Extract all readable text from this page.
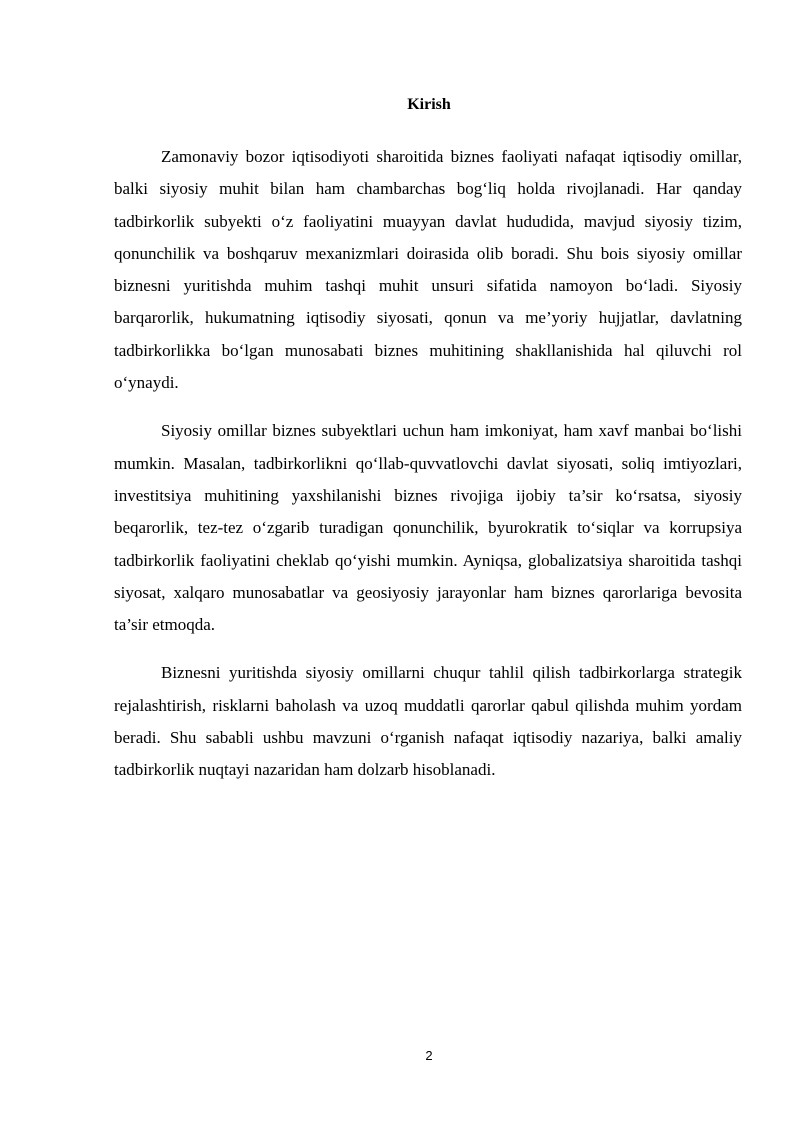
Kirish

Zamonaviy bozor iqtisodiyoti sharoitida biznes faoliyati nafaqat iqtisodiy omillar, balki siyosiy muhit bilan ham chambarchas bog‘liq holda rivojlanadi. Har qanday tadbirkorlik subyekti o‘z faoliyatini muayyan davlat hududida, mavjud siyosiy tizim, qonunchilik va boshqaruv mexanizmlari doirasida olib boradi. Shu bois siyosiy omillar biznesni yuritishda muhim tashqi muhit unsuri sifatida namoyon bo‘ladi. Siyosiy barqarorlik, hukumatning iqtisodiy siyosati, qonun va me’yoriy hujjatlar, davlatning tadbirkorlikka bo‘lgan munosabati biznes muhitining shakllanishida hal qiluvchi rol o‘ynaydi.

Siyosiy omillar biznes subyektlari uchun ham imkoniyat, ham xavf manbai bo‘lishi mumkin. Masalan, tadbirkorlikni qo‘llab-quvvatlovchi davlat siyosati, soliq imtiyozlari, investitsiya muhitining yaxshilanishi biznes rivojiga ijobiy ta’sir ko‘rsatsa, siyosiy beqarorlik, tez-tez o‘zgarib turadigan qonunchilik, byurokratik to‘siqlar va korrupsiya tadbirkorlik faoliyatini cheklab qo‘yishi mumkin. Ayniqsa, globalizatsiya sharoitida tashqi siyosat, xalqaro munosabatlar va geosiyosiy jarayonlar ham biznes qarorlariga bevosita ta’sir etmoqda.

Biznesni yuritishda siyosiy omillarni chuqur tahlil qilish tadbirkorlarga strategik rejalashtirish, risklarni baholash va uzoq muddatli qarorlar qabul qilishda muhim yordam beradi. Shu sababli ushbu mavzuni o‘rganish nafaqat iqtisodiy nazariya, balki amaliy tadbirkorlik nuqtayi nazaridan ham dolzarb hisoblanadi.

2
